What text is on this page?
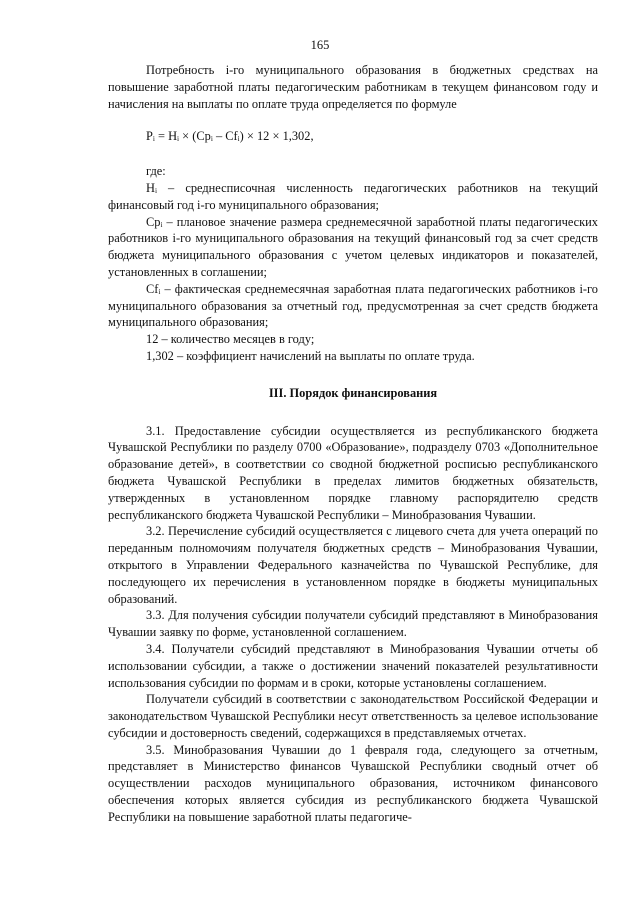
165

Потребность i-го муниципального образования в бюджетных средствах на повышение заработной платы педагогическим работникам в текущем финансовом году и начисления на выплаты по оплате труда определяется по формуле

Pᵢ = Hᵢ × (Cpᵢ – Cfᵢ) × 12 × 1,302,

где:

Hᵢ – среднесписочная численность педагогических работников на текущий финансовый год i-го муниципального образования;

Cpᵢ – плановое значение размера среднемесячной заработной платы педагогических работников i-го муниципального образования на текущий финансовый год за счет средств бюджета муниципального образования с учетом целевых индикаторов и показателей, установленных в соглашении;

Cfᵢ – фактическая среднемесячная заработная плата педагогических работников i-го муниципального образования за отчетный год, предусмотренная за счет средств бюджета муниципального образования;

12 – количество месяцев в году;

1,302 – коэффициент начислений на выплаты по оплате труда.

III. Порядок финансирования

3.1. Предоставление субсидии осуществляется из республиканского бюджета Чувашской Республики по разделу 0700 «Образование», подразделу 0703 «Дополнительное образование детей», в соответствии со сводной бюджетной росписью республиканского бюджета Чувашской Республики в пределах лимитов бюджетных обязательств, утвержденных в установленном порядке главному распорядителю средств республиканского бюджета Чувашской Республики – Минобразования Чувашии.

3.2. Перечисление субсидий осуществляется с лицевого счета для учета операций по переданным полномочиям получателя бюджетных средств – Минобразования Чувашии, открытого в Управлении Федерального казначейства по Чувашской Республике, для последующего их перечисления в установленном порядке в бюджеты муниципальных образований.

3.3. Для получения субсидии получатели субсидий представляют в Минобразования Чувашии заявку по форме, установленной соглашением.

3.4. Получатели субсидий представляют в Минобразования Чувашии отчеты об использовании субсидии, а также о достижении значений показателей результативности использования субсидии по формам и в сроки, которые установлены соглашением.

Получатели субсидий в соответствии с законодательством Российской Федерации и законодательством Чувашской Республики несут ответственность за целевое использование субсидии и достоверность сведений, содержащихся в представляемых отчетах.

3.5. Минобразования Чувашии до 1 февраля года, следующего за отчетным, представляет в Министерство финансов Чувашской Республики сводный отчет об осуществлении расходов муниципального образования, источником финансового обеспечения которых является субсидия из республиканского бюджета Чувашской Республики на повышение заработной платы педагогиче-
